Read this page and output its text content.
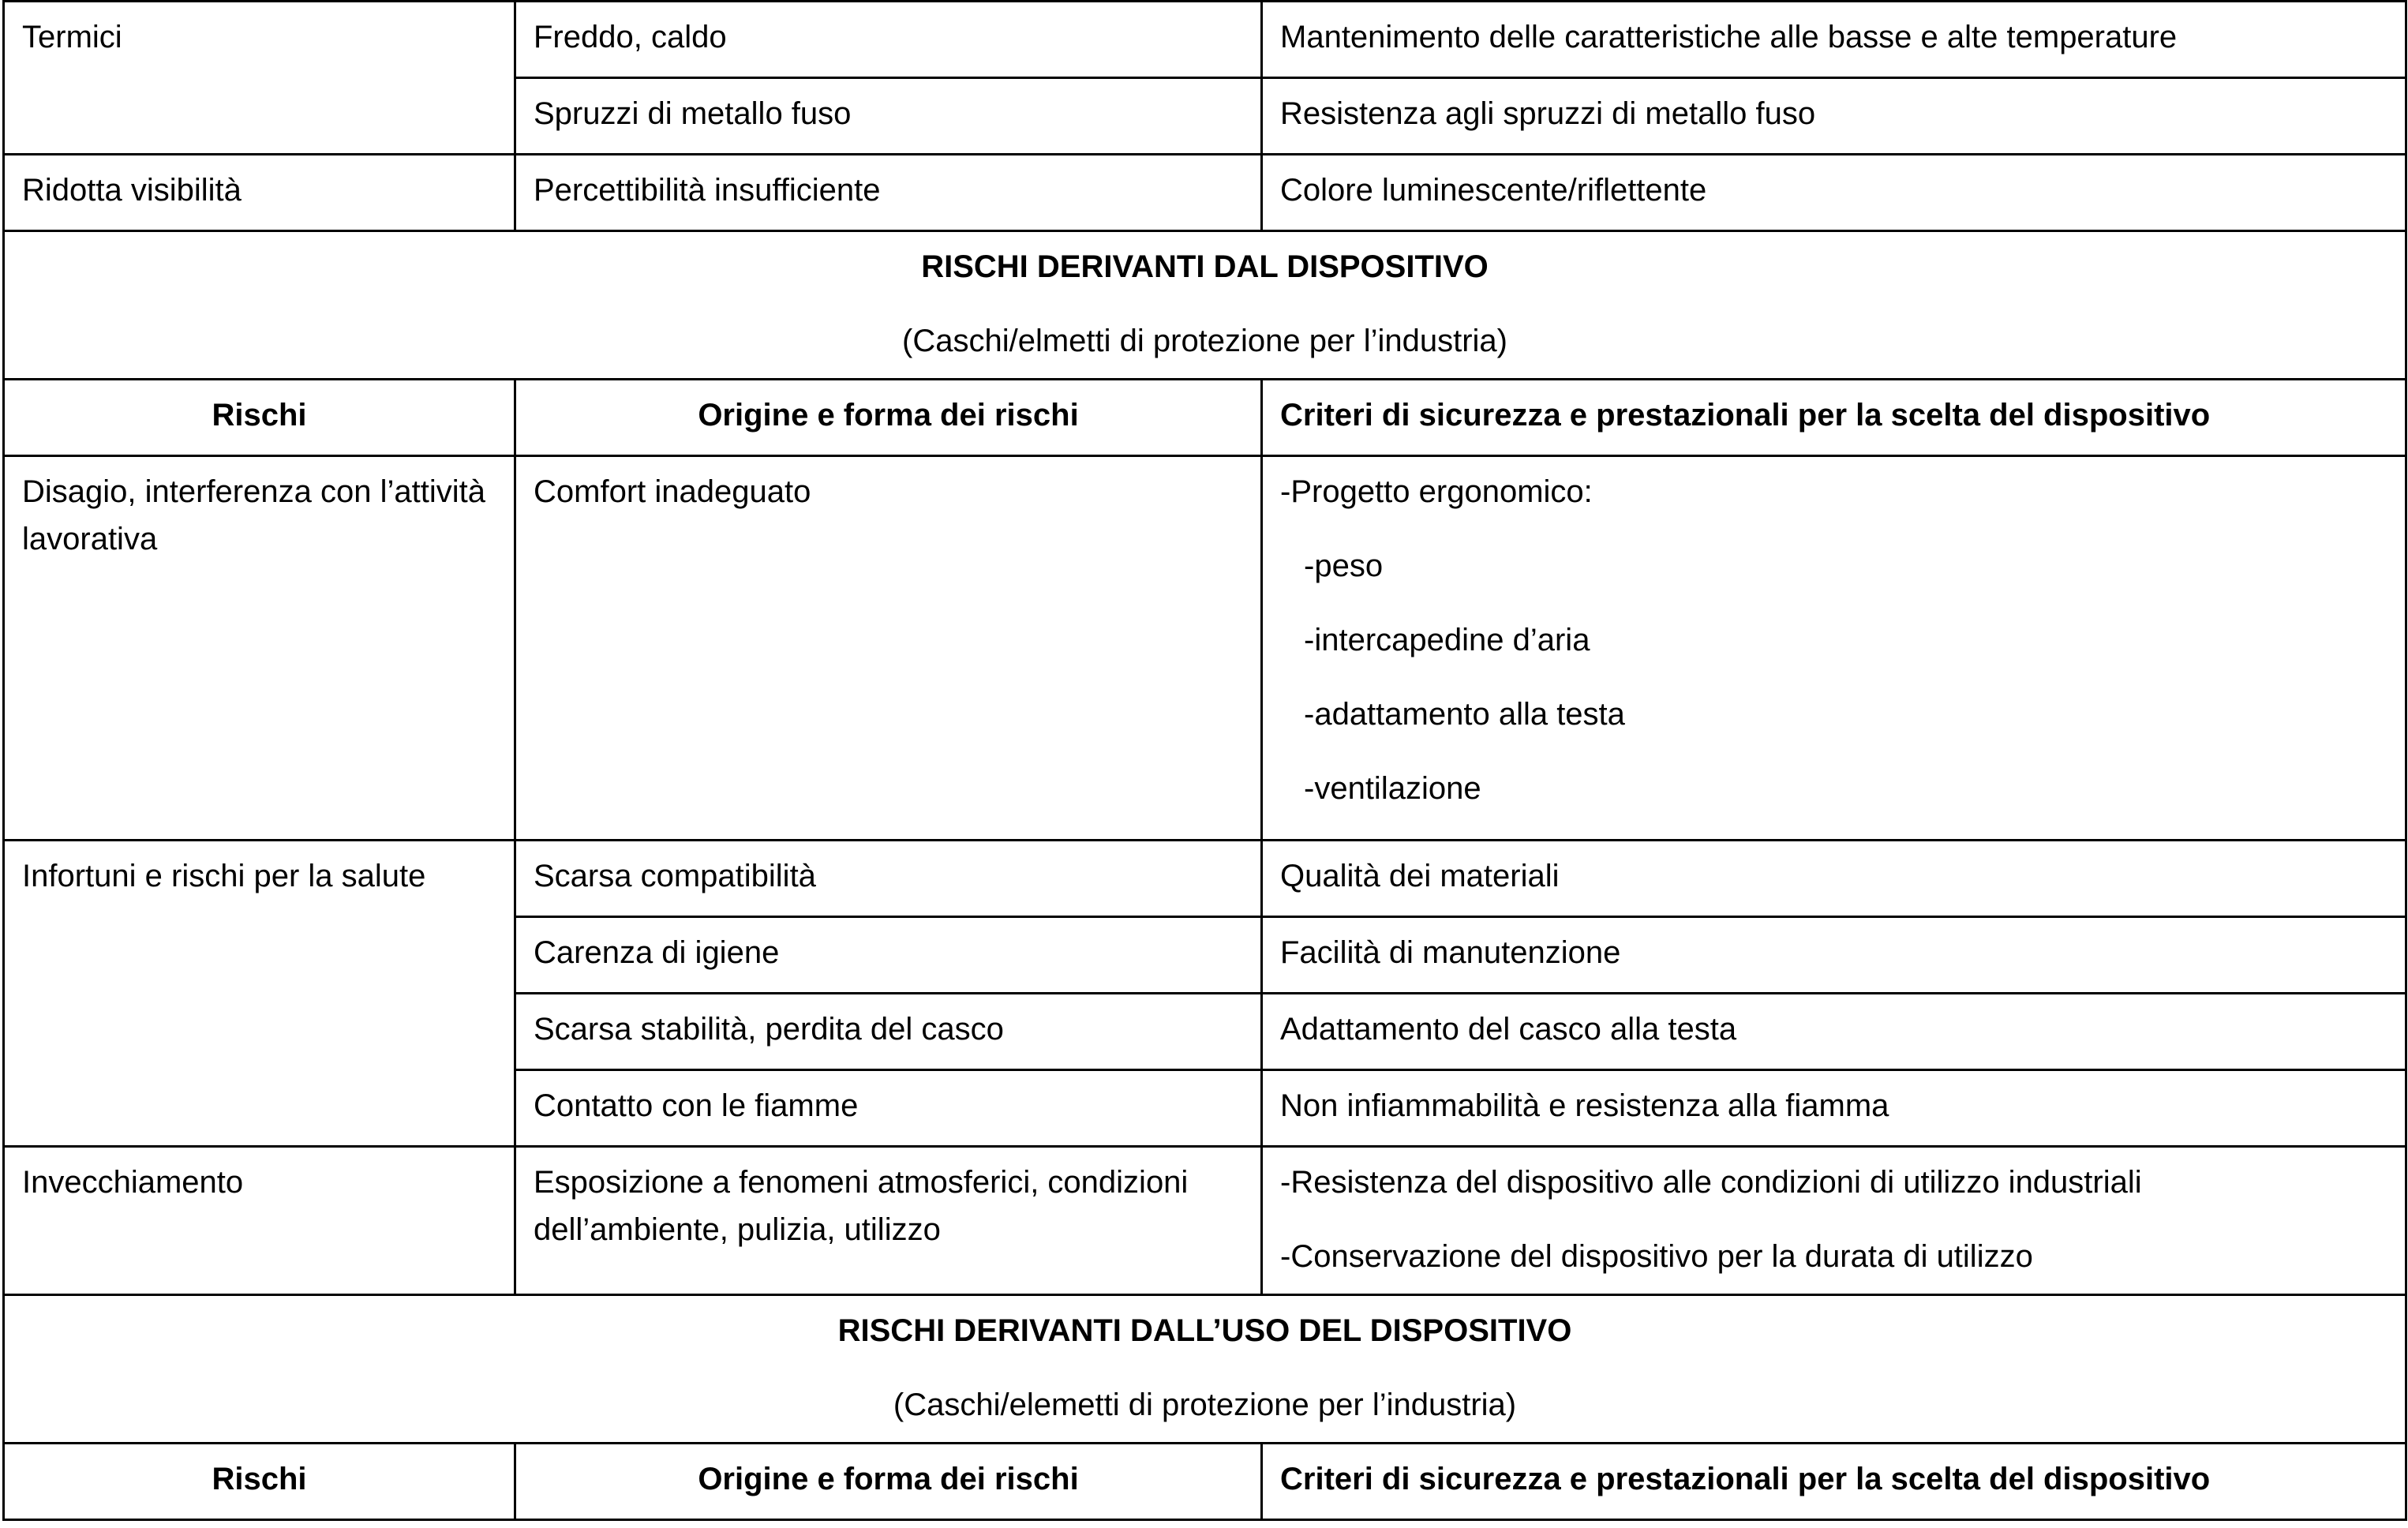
Termici	Freddo, caldo	Mantenimento delle caratteristiche alle basse e alte temperature
	Spruzzi di metallo fuso	Resistenza agli spruzzi di metallo fuso
Ridotta visibilità	Percettibilità insufficiente	Colore luminescente/riflettente

RISCHI DERIVANTI DAL DISPOSITIVO
(Caschi/elmetti di protezione per l’industria)		

Rischi	Origine e forma dei rischi	Criteri di sicurezza e prestazionali per la scelta del dispositivo
Disagio, interferenza con l’attività lavorativa	Comfort inadeguato	-Progetto ergonomico:
-peso
-intercapedine d’aria
-adattamento alla testa
-ventilazione

Infortuni e rischi per la salute	Scarsa compatibilità	Qualità dei materiali
	Carenza di igiene	Facilità di manutenzione
	Scarsa stabilità, perdita del casco	Adattamento del casco alla testa
	Contatto con le fiamme	Non infiammabilità e resistenza alla fiamma
Invecchiamento	Esposizione a fenomeni atmosferici, condizioni dell’ambiente, pulizia, utilizzo	-Resistenza del dispositivo alle condizioni di utilizzo industriali
-Conservazione del dispositivo per la durata di utilizzo

RISCHI DERIVANTI DALL’USO DEL DISPOSITIVO
(Caschi/elemetti di protezione per l’industria)		

Rischi	Origine e forma dei rischi	Criteri di sicurezza e prestazionali per la scelta del dispositivo
